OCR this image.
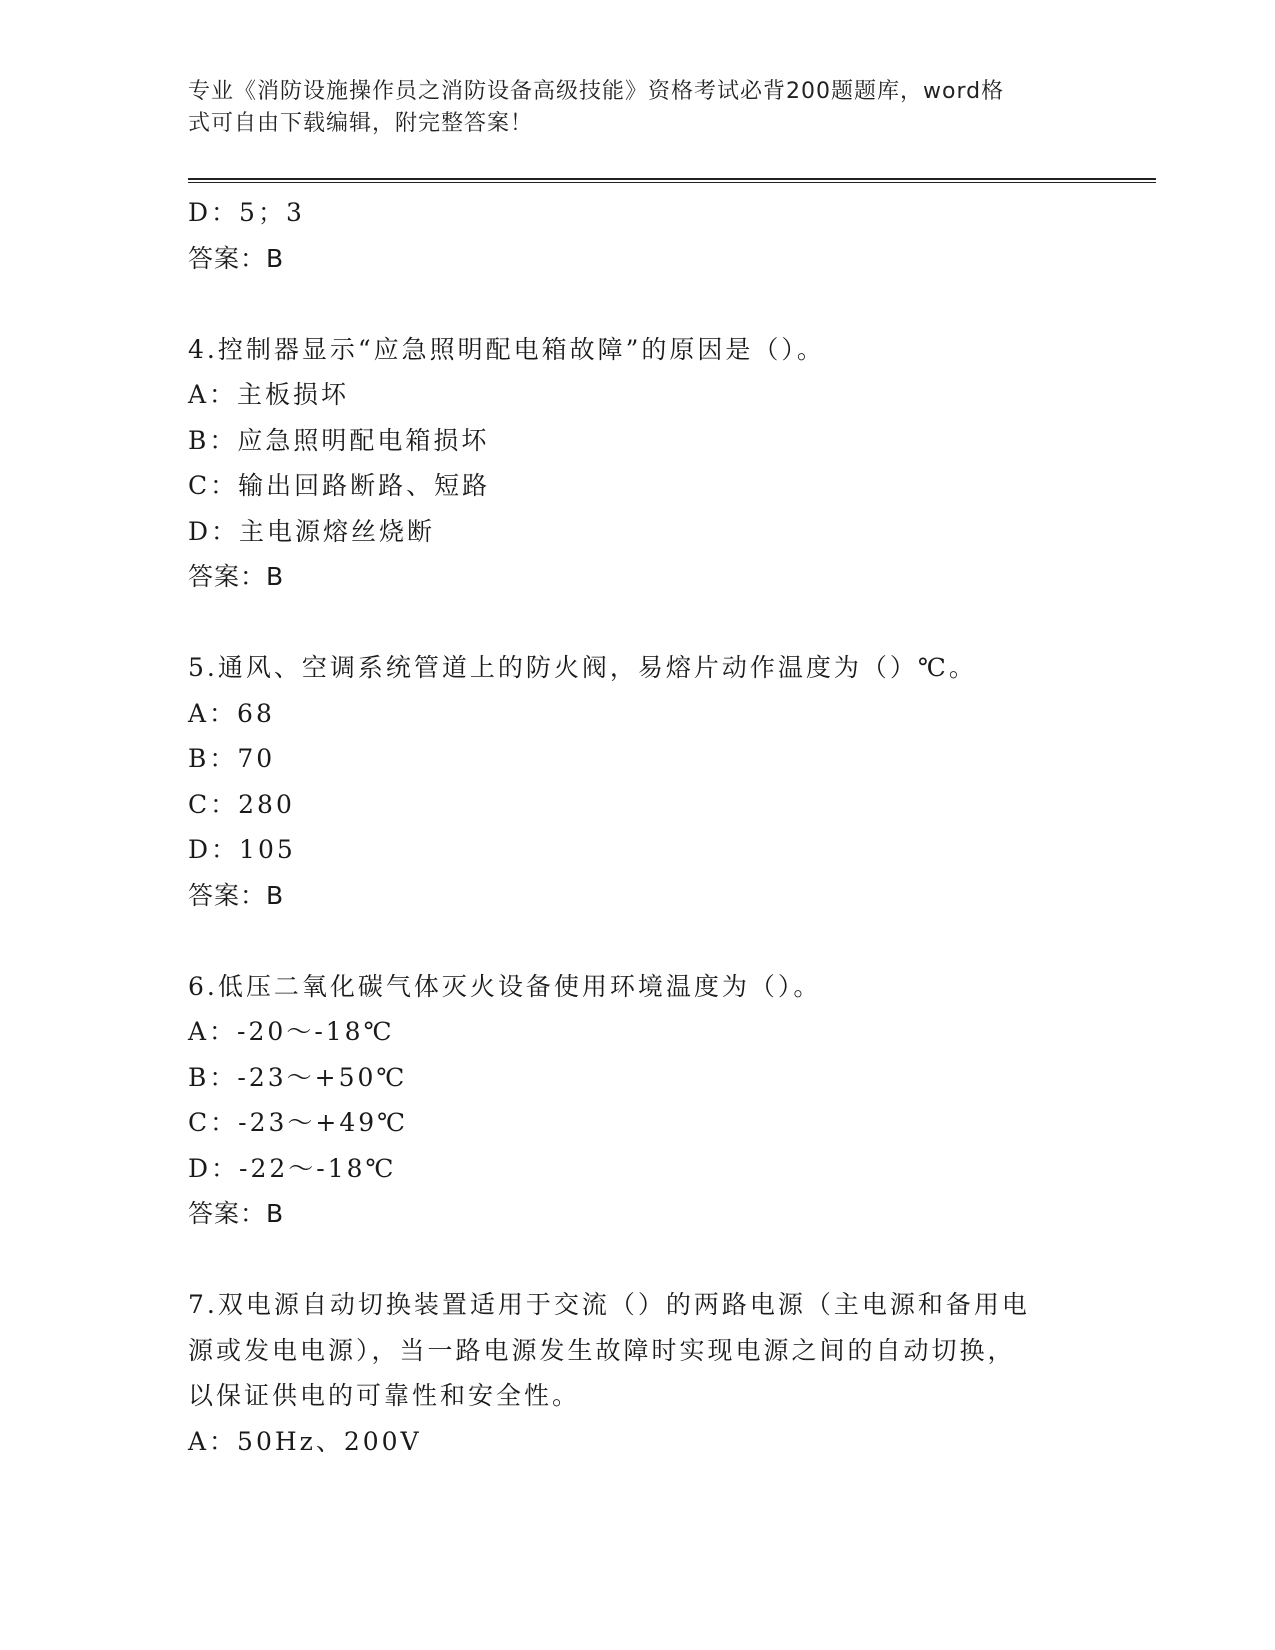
专业《消防设施操作员之消防设备高级技能》资格考试必背200题题库，word格
式可自由下载编辑，附完整答案！
D：5；3
答案：B
4.控制器显示“应急照明配电箱故障”的原因是（）。
A：主板损坏
B：应急照明配电箱损坏
C：输出回路断路、短路
D：主电源熔丝烧断
答案：B
5.通风、空调系统管道上的防火阀，易熔片动作温度为（）℃。
A：68
B：70
C：280
D：105
答案：B
6.低压二氧化碳气体灭火设备使用环境温度为（）。
A：-20～-18℃
B：-23～+50℃
C：-23～+49℃
D：-22～-18℃
答案：B
7.双电源自动切换装置适用于交流（）的两路电源（主电源和备用电
源或发电电源），当一路电源发生故障时实现电源之间的自动切换，
以保证供电的可靠性和安全性。
A：50Hz、200V
